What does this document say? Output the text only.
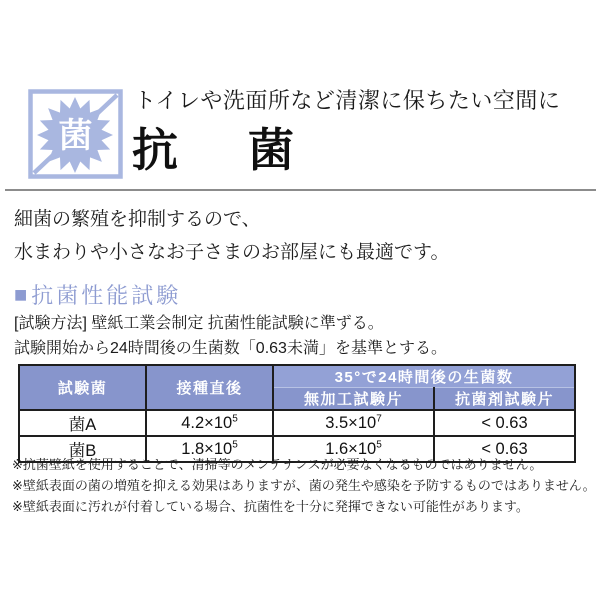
菌
トイレや洗面所など清潔に保ちたい空間に
抗　菌
細菌の繁殖を抑制するので、
水まわりや小さなお子さまのお部屋にも最適です。
■ 抗菌性能試験
[試験方法] 壁紙工業会制定 抗菌性能試験に準ずる。
試験開始から24時間後の生菌数「0.63未満」を基準とする。
試験菌	接種直後	35°で24時間後の生菌数	
		無加工試験片	抗菌剤試験片
菌A	$4.2\times 10^5$	$3.5\times 10^7$	< 0.63
菌B	$1.8\times 10^5$	$1.6\times 10^5$	< 0.63
※抗菌壁紙を使用することで、清掃等のメンテナンスが必要なくなるものではありません。
※壁紙表面の菌の増殖を抑える効果はありますが、菌の発生や感染を予防するものではありません。
※壁紙表面に汚れが付着している場合、抗菌性を十分に発揮できない可能性があります。
